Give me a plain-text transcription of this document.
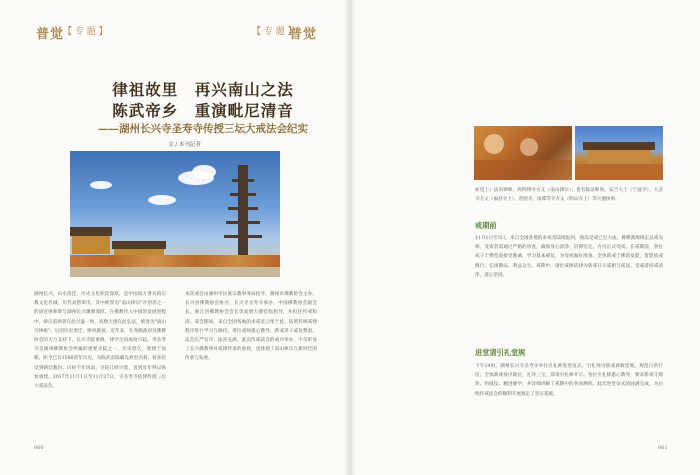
普觉
【 专 题 】
律祖故里　再兴南山之法
陈武帝乡　重演毗尼清音
——湖州长兴寺圣寿寺传授三坛大戒法会纪实
文 / 本刊記者
湖州长兴，山水清佳，历史文化积淀深厚，是中国南方著名的宗教文化名城，历代高僧辈出。其中被誉为"南山律宗"开创者之一的道宣律师即与湖州长兴渊源深厚。在佛教传入中国的发展进程中，律宗道场曾在此兴盛一时，高僧大德在此弘法，被誉为"南山宗律祖"。后因历史变迁，律风渐衰。近年来，在各级政府及佛教协会的大力支持下，长兴寺院重修，律学之风再度兴起。寿圣寿寺是湖州佛教协会所属的重要寺院之一，历史悠久，始建于南朝，距今已有1500余年历史，为陈武帝陈霸先故里名刹，曾多次受到朝廷敕封。历经千年风雨，寺院几经兴废，直到近年得以恢复重建。2017年11月1日至11月27日，寺圣寿寺依律传授三坛大戒法会。
本次戒会由湖州市民族宗教事务局指导，湖州市佛教协会主办，长兴县佛教协会协办，长兴寺圣寿寺承办。中国佛教协会副会长、浙江省佛教协会会长等高僧大德莅临指导，并担任传戒和尚。戒会期间，来自全国各地的求戒者云集于此，依照传统戒律程序进行学习与修持。诸位戒师悉心教导，新戒弟子威仪整肃，法会庄严有序，法喜充满。此次传戒法会的成功举办，不仅彰显了长兴佛教界对戒律传承的重视，也体现了南山律宗在新时代的传承与发展。
060
【 专 题 】
普觉
如觉上）法同律师、高明律寺方丈（南山律宗）；也有陈法和尚、安吉大士（宁波寺）、大悲寺方丈（福昌寺上）、普照寺、雨潭等寺方丈（明山寺上）等大德执事。
戒期前
11月1日至3日，来自全国各地的求戒者陆续报到，海岛受戒已近大成。佛教教规规定以戒为师，受戒者需通过严格的审查，确保身心清净、信仰坚定，方可正式受戒。在戒期前，各位戒子于佛堂前接受教诫，学习基本威仪，为受戒做好准备。全体新戒于佛前发愿，誓愿依戒修行，弘扬佛法，利益众生。戒期中，诸位戒师依律为新戒开示戒相与戒法，受戒者持戒清净，道心坚固。
进堂请引礼堂规
下午14时，湖州长兴寺圣寿寺举行引礼师进堂仪式。引礼师为新戒讲解堂规，规范日常行仪；全体新戒按序就位，礼拜三宝，恭请引礼师开示。各位引礼师悉心教导，要求新戒守规矩、明威仪、精进修学，并详细讲解了戒期中的各项规约。此次进堂仪式的圆满完成，为后续传戒法会的顺利开展奠定了坚实基础。
061
